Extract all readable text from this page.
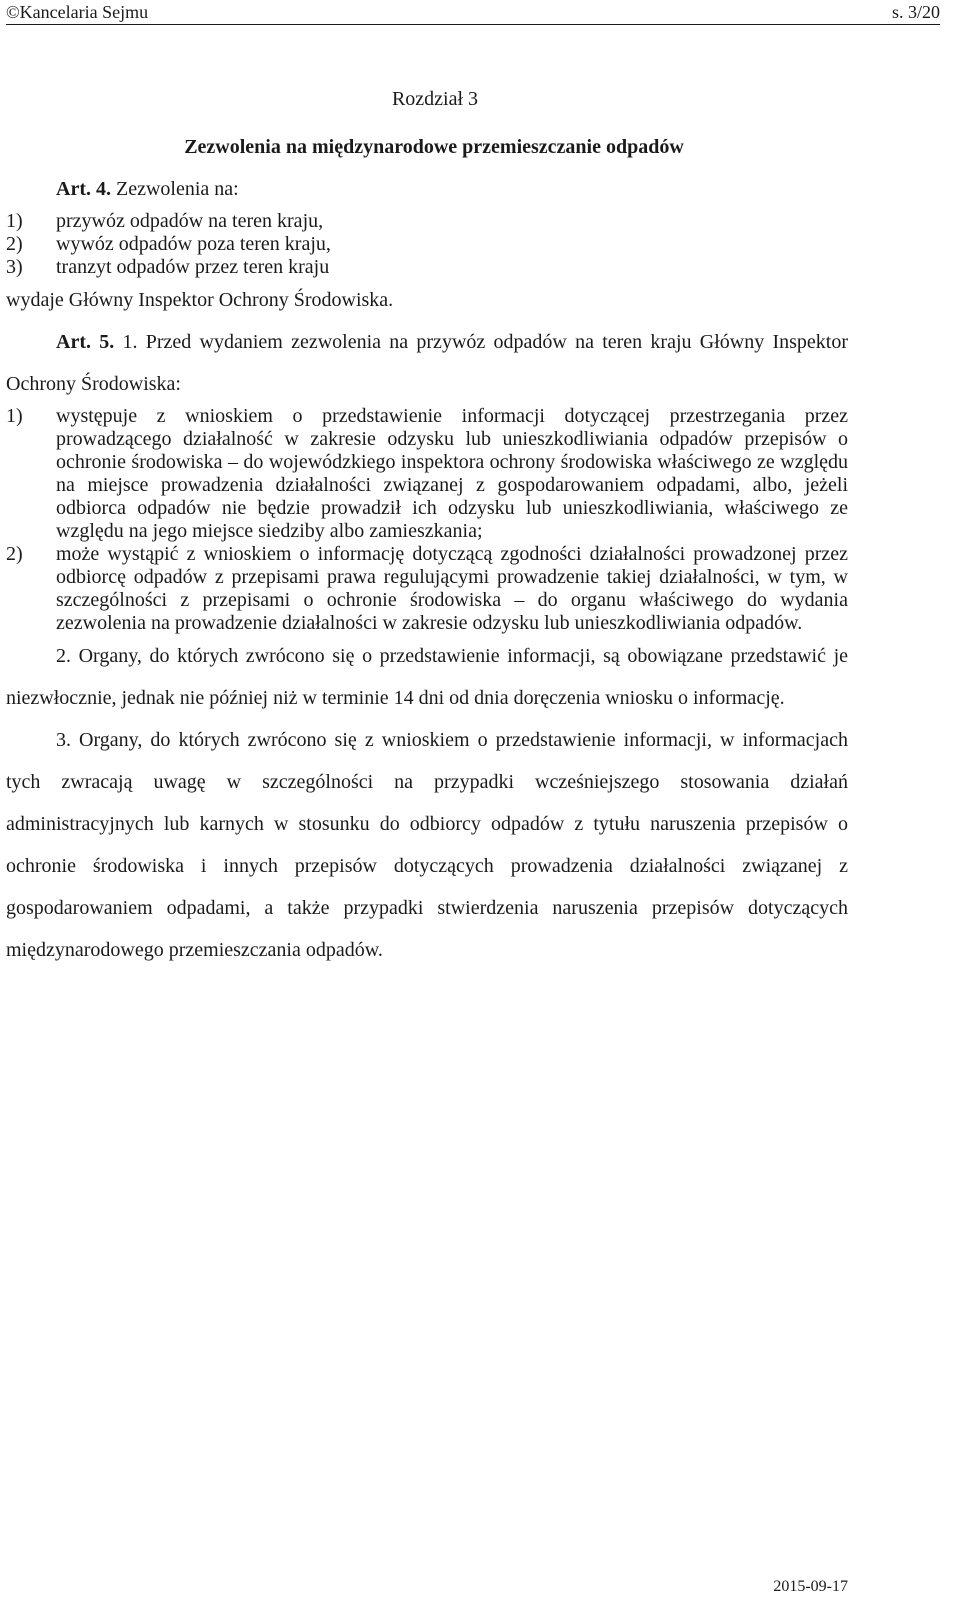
©Kancelaria Sejmu	s. 3/20

Rozdział 3

Zezwolenia na międzynarodowe przemieszczanie odpadów

Art. 4. Zezwolenia na:

1)	przywóz odpadów na teren kraju,
2)	wywóz odpadów poza teren kraju,
3)	tranzyt odpadów przez teren kraju

wydaje Główny Inspektor Ochrony Środowiska.

Art. 5. 1. Przed wydaniem zezwolenia na przywóz odpadów na teren kraju Główny Inspektor Ochrony Środowiska:

1)	występuje z wnioskiem o przedstawienie informacji dotyczącej przestrzegania przez prowadzącego działalność w zakresie odzysku lub unieszkodliwiania odpadów przepisów o ochronie środowiska – do wojewódzkiego inspektora ochrony środowiska właściwego ze względu na miejsce prowadzenia działalności związanej z gospodarowaniem odpadami, albo, jeżeli odbiorca odpadów nie będzie prowadził ich odzysku lub unieszkodliwiania, właściwego ze względu na jego miejsce siedziby albo zamieszkania;
2)	może wystąpić z wnioskiem o informację dotyczącą zgodności działalności prowadzonej przez odbiorcę odpadów z przepisami prawa regulującymi prowadzenie takiej działalności, w tym, w szczególności z przepisami o ochronie środowiska – do organu właściwego do wydania zezwolenia na prowadzenie działalności w zakresie odzysku lub unieszkodliwiania odpadów.

2. Organy, do których zwrócono się o przedstawienie informacji, są obowiązane przedstawić je niezwłocznie, jednak nie później niż w terminie 14 dni od dnia doręczenia wniosku o informację.

3. Organy, do których zwrócono się z wnioskiem o przedstawienie informacji, w informacjach tych zwracają uwagę w szczególności na przypadki wcześniejszego stosowania działań administracyjnych lub karnych w stosunku do odbiorcy odpadów z tytułu naruszenia przepisów o ochronie środowiska i innych przepisów dotyczących prowadzenia działalności związanej z gospodarowaniem odpadami, a także przypadki stwierdzenia naruszenia przepisów dotyczących międzynarodowego przemieszczania odpadów.

2015-09-17
